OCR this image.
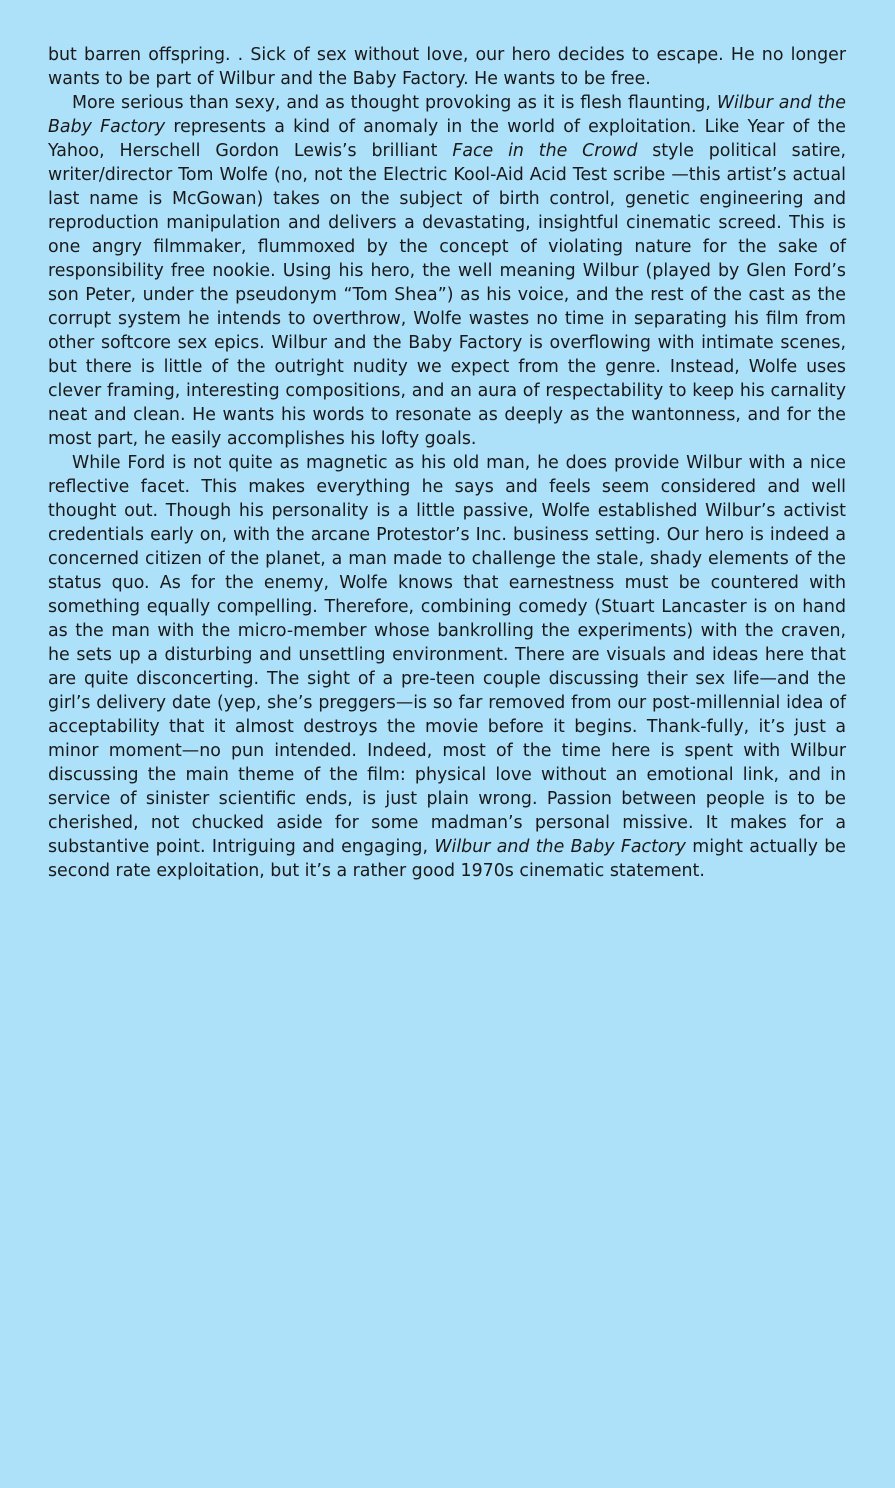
but barren offspring. . Sick of sex without love, our hero decides to escape. He no longer wants to be part of Wilbur and the Baby Factory. He wants to be free.

More serious than sexy, and as thought provoking as it is flesh flaunting, Wilbur and the Baby Factory represents a kind of anomaly in the world of exploitation. Like Year of the Yahoo, Herschell Gordon Lewis’s brilliant Face in the Crowd style political satire, writer/director Tom Wolfe (no, not the Electric Kool-Aid Acid Test scribe —this artist’s actual last name is McGowan) takes on the subject of birth control, genetic engineering and reproduction manipulation and delivers a devastating, insightful cinematic screed. This is one angry filmmaker, flummoxed by the concept of violating nature for the sake of responsibility free nookie. Using his hero, the well meaning Wilbur (played by Glen Ford’s son Peter, under the pseudonym “Tom Shea”) as his voice, and the rest of the cast as the corrupt system he intends to overthrow, Wolfe wastes no time in separating his film from other softcore sex epics. Wilbur and the Baby Factory is overflowing with intimate scenes, but there is little of the outright nudity we expect from the genre. Instead, Wolfe uses clever framing, interesting compositions, and an aura of respectability to keep his carnality neat and clean. He wants his words to resonate as deeply as the wantonness, and for the most part, he easily accomplishes his lofty goals.

While Ford is not quite as magnetic as his old man, he does provide Wilbur with a nice reflective facet. This makes everything he says and feels seem considered and well thought out. Though his personality is a little passive, Wolfe established Wilbur’s activist credentials early on, with the arcane Protestor’s Inc. business setting. Our hero is indeed a concerned citizen of the planet, a man made to challenge the stale, shady elements of the status quo. As for the enemy, Wolfe knows that earnestness must be countered with something equally compelling. Therefore, combining comedy (Stuart Lancaster is on hand as the man with the micro-member whose bankrolling the experiments) with the craven, he sets up a disturbing and unsettling environment. There are visuals and ideas here that are quite disconcerting. The sight of a pre-teen couple discussing their sex life—and the girl’s delivery date (yep, she’s preggers—is so far removed from our post-millennial idea of acceptability that it almost destroys the movie before it begins. Thank-fully, it’s just a minor moment—no pun intended. Indeed, most of the time here is spent with Wilbur discussing the main theme of the film: physical love without an emotional link, and in service of sinister scientific ends, is just plain wrong. Passion between people is to be cherished, not chucked aside for some madman’s personal missive. It makes for a substantive point. Intriguing and engaging, Wilbur and the Baby Factory might actually be second rate exploitation, but it’s a rather good 1970s cinematic statement.
